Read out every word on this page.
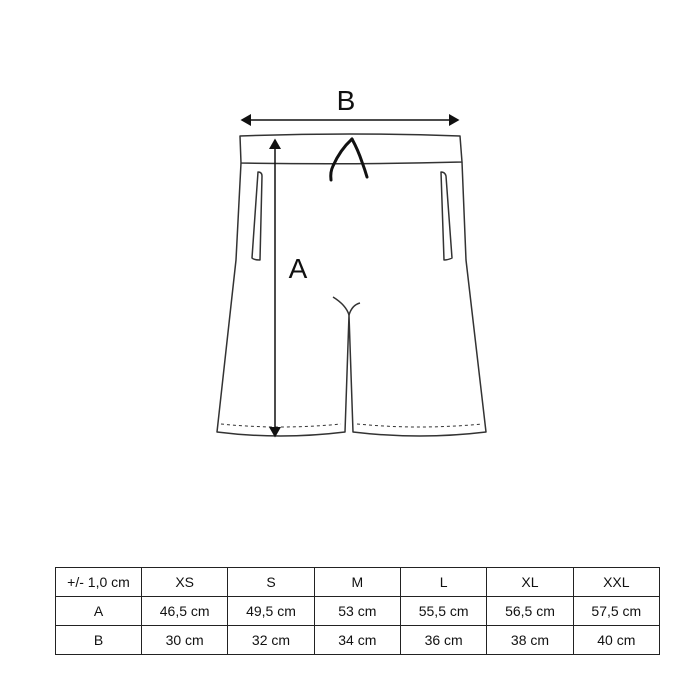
B
A
+/- 1,0 cm	XS	S	M	L	XL	XXL
A	46,5 cm	49,5 cm	53 cm	55,5 cm	56,5 cm	57,5 cm
B	30 cm	32 cm	34 cm	36 cm	38 cm	40 cm
